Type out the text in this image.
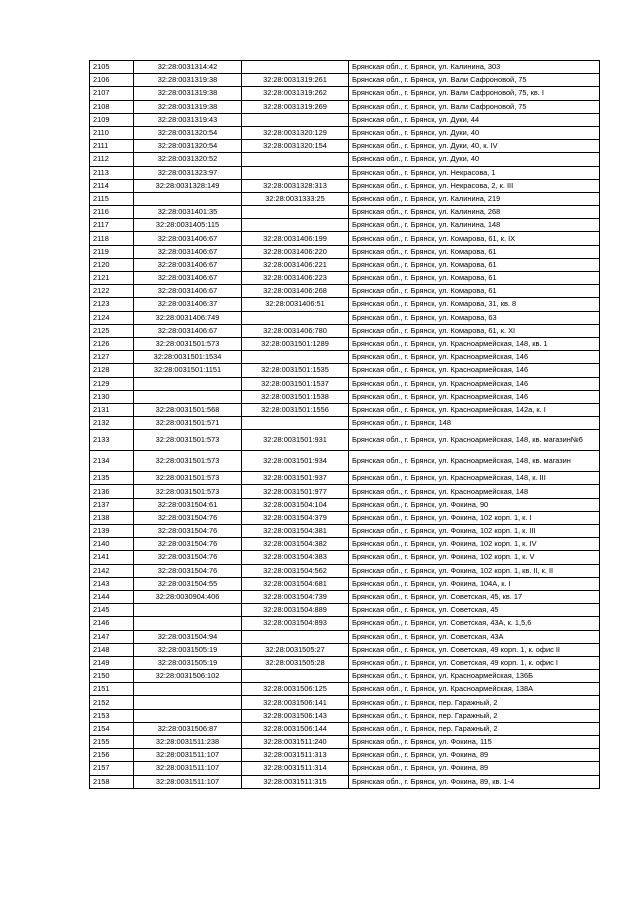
2105	32:28:0031314:42		Брянская обл., г. Брянск, ул. Калинина, 303
2106	32:28:0031319:38	32:28:0031319:261	Брянская обл., г. Брянск, ул. Вали Сафроновой, 75
2107	32:28:0031319:38	32:28:0031319:262	Брянская обл., г. Брянск, ул. Вали Сафроновой, 75, кв. I
2108	32:28:0031319:38	32:28:0031319:269	Брянская обл., г. Брянск, ул. Вали Сафроновой, 75
2109	32:28:0031319:43		Брянская обл., г. Брянск, ул. Дуки, 44
2110	32:28:0031320:54	32:28:0031320:129	Брянская обл., г. Брянск, ул. Дуки, 40
2111	32:28:0031320:54	32:28:0031320:154	Брянская обл., г. Брянск, ул. Дуки, 40, к. IV
2112	32:28:0031320:52		Брянская обл., г. Брянск, ул. Дуки, 40
2113	32:28:0031323:97		Брянская обл., г. Брянск, ул. Некрасова, 1
2114	32:28:0031328:149	32:28:0031328:313	Брянская обл., г. Брянск, ул. Некрасова, 2, к. III
2115		32:28:0031333:25	Брянская обл., г. Брянск, ул. Калинина, 219
2116	32:28:0031401:35		Брянская обл., г. Брянск, ул. Калинина, 268
2117	32:28:0031405:115		Брянская обл., г. Брянск, ул. Калинина, 148
2118	32:28:0031406:67	32:28:0031406:199	Брянская обл., г. Брянск, ул. Комарова, 61, к. IX
2119	32:28:0031406:67	32:28:0031406:220	Брянская обл., г. Брянск, ул. Комарова, 61
2120	32:28:0031406:67	32:28:0031406:221	Брянская обл., г. Брянск, ул. Комарова, 61
2121	32:28:0031406:67	32:28:0031406:223	Брянская обл., г. Брянск, ул. Комарова, 61
2122	32:28:0031406:67	32:28:0031406:268	Брянская обл., г. Брянск, ул. Комарова, 61
2123	32:28:0031406:37	32:28:0031406:51	Брянская обл., г. Брянск, ул. Комарова, 31, кв. 8
2124	32:28:0031406:749		Брянская обл., г. Брянск, ул. Комарова, 63
2125	32:28:0031406:67	32:28:0031406:780	Брянская обл., г. Брянск, ул. Комарова, 61, к. XI
2126	32:28:0031501:573	32:28:0031501:1289	Брянская обл., г. Брянск, ул. Красноармейская, 148, кв. 1
2127	32:28:0031501:1534		Брянская обл., г. Брянск, ул. Красноармейская, 146
2128	32:28:0031501:1151	32:28:0031501:1535	Брянская обл., г. Брянск, ул. Красноармейская, 146
2129		32:28:0031501:1537	Брянская обл., г. Брянск, ул. Красноармейская, 146
2130		32:28:0031501:1538	Брянская обл., г. Брянск, ул. Красноармейская, 146
2131	32:28:0031501:568	32:28:0031501:1556	Брянская обл., г. Брянск, ул. Красноармейская, 142а, к. I
2132	32:28:0031501:571		Брянская обл., г. Брянск, 148
2133	32:28:0031501:573	32:28:0031501:931	Брянская обл., г. Брянск, ул. Красноармейская, 148, кв. магазин№6
2134	32:28:0031501:573	32:28:0031501:934	Брянская обл., г. Брянск, ул. Красноармейская, 148, кв. магазин
2135	32:28:0031501:573	32:28:0031501:937	Брянская обл., г. Брянск, ул. Красноармейская, 148, к. III
2136	32:28:0031501:573	32:28:0031501:977	Брянская обл., г. Брянск, ул. Красноармейская, 148
2137	32:28:0031504:61	32:28:0031504:104	Брянская обл., г. Брянск, ул. Фокина, 90
2138	32:28:0031504:76	32:28:0031504:379	Брянская обл., г. Брянск, ул. Фокина, 102 корп. 1, к. I
2139	32:28:0031504:76	32:28:0031504:381	Брянская обл., г. Брянск, ул. Фокина, 102 корп. 1, к. III
2140	32:28:0031504:76	32:28:0031504:382	Брянская обл., г. Брянск, ул. Фокина, 102 корп. 1, к. IV
2141	32:28:0031504:76	32:28:0031504:383	Брянская обл., г. Брянск, ул. Фокина, 102 корп. 1, к. V
2142	32:28:0031504:76	32:28:0031504:562	Брянская обл., г. Брянск, ул. Фокина, 102 корп. 1, кв. II, к. II
2143	32:28:0031504:55	32:28:0031504:681	Брянская обл., г. Брянск, ул. Фокина, 104А, к. I
2144	32:28:0030904:406	32:28:0031504:739	Брянская обл., г. Брянск, ул. Советская, 45, кв. 17
2145		32:28:0031504:889	Брянская обл., г. Брянск, ул. Советская, 45
2146		32:28:0031504:893	Брянская обл., г. Брянск, ул. Советская, 43А, к. 1,5,6
2147	32:28:0031504:94		Брянская обл., г. Брянск, ул. Советская, 43А
2148	32:28:0031505:19	32:28:0031505:27	Брянская обл., г. Брянск, ул. Советская, 49 корп. 1, к. офис II
2149	32:28:0031505:19	32:28:0031505:28	Брянская обл., г. Брянск, ул. Советская, 49 корп. 1, к. офис I
2150	32:28:0031506:102		Брянская обл., г. Брянск, ул. Красноармейская, 136Б
2151		32:28:0031506:125	Брянская обл., г. Брянск, ул. Красноармейская, 138А
2152		32:28:0031506:141	Брянская обл., г. Брянск, пер. Гаражный, 2
2153		32:28:0031506:143	Брянская обл., г. Брянск, пер. Гаражный, 2
2154	32:28:0031506:87	32:28:0031506:144	Брянская обл., г. Брянск, пер. Гаражный, 2
2155	32:28:0031511:238	32:28:0031511:240	Брянская обл., г. Брянск, ул. Фокина, 115
2156	32:28:0031511:107	32:28:0031511:313	Брянская обл., г. Брянск, ул. Фокина, 89
2157	32:28:0031511:107	32:28:0031511:314	Брянская обл., г. Брянск, ул. Фокина, 89
2158	32:28:0031511:107	32:28:0031511:315	Брянская обл., г. Брянск, ул. Фокина, 89, кв. 1-4
